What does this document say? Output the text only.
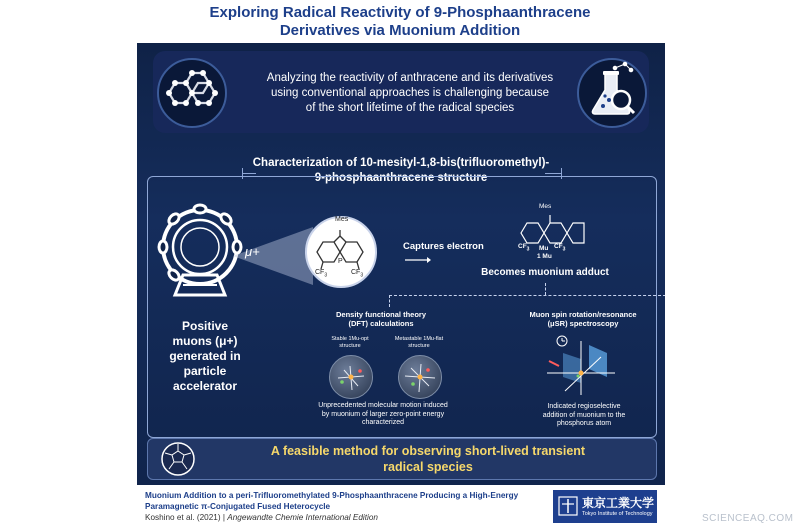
Exploring Radical Reactivity of 9-Phosphaanthracene
Derivatives via Muonium Addition
Analyzing the reactivity of anthracene and its derivatives
using conventional approaches is challenging because
of the short lifetime of the radical species
Characterization of 10-mesityl-1,8-bis(trifluoromethyl)-
9-phosphaanthracene structure
μ+
Mes
P
$CF_3$	$CF_3$
Positive
muons (μ+)
generated in
particle
accelerator
Captures electron
Mes
$CF_3$	$CF_3$
Mu
1 Mu
Becomes muonium adduct
Density functional theory
(DFT) calculations
Stable 1Mu-opt
structure
Metastable 1Mu-flat
structure
Unprecedented molecular motion induced
by muonium of larger zero-point energy
characterized
Muon spin rotation/resonance
(μSR) spectroscopy
Indicated regioselective
addition of muonium to the
phosphorus atom
A feasible method for observing short-lived transient
radical species
Muonium Addition to a peri-Trifluoromethylated 9-Phosphaanthracene Producing a High-Energy
Paramagnetic π-Conjugated Fused Heterocycle
Koshino et al. (2021) | Angewandte Chemie International Edition
東京工業大学
Tokyo Institute of Technology	SCIENCEAQ.COM
